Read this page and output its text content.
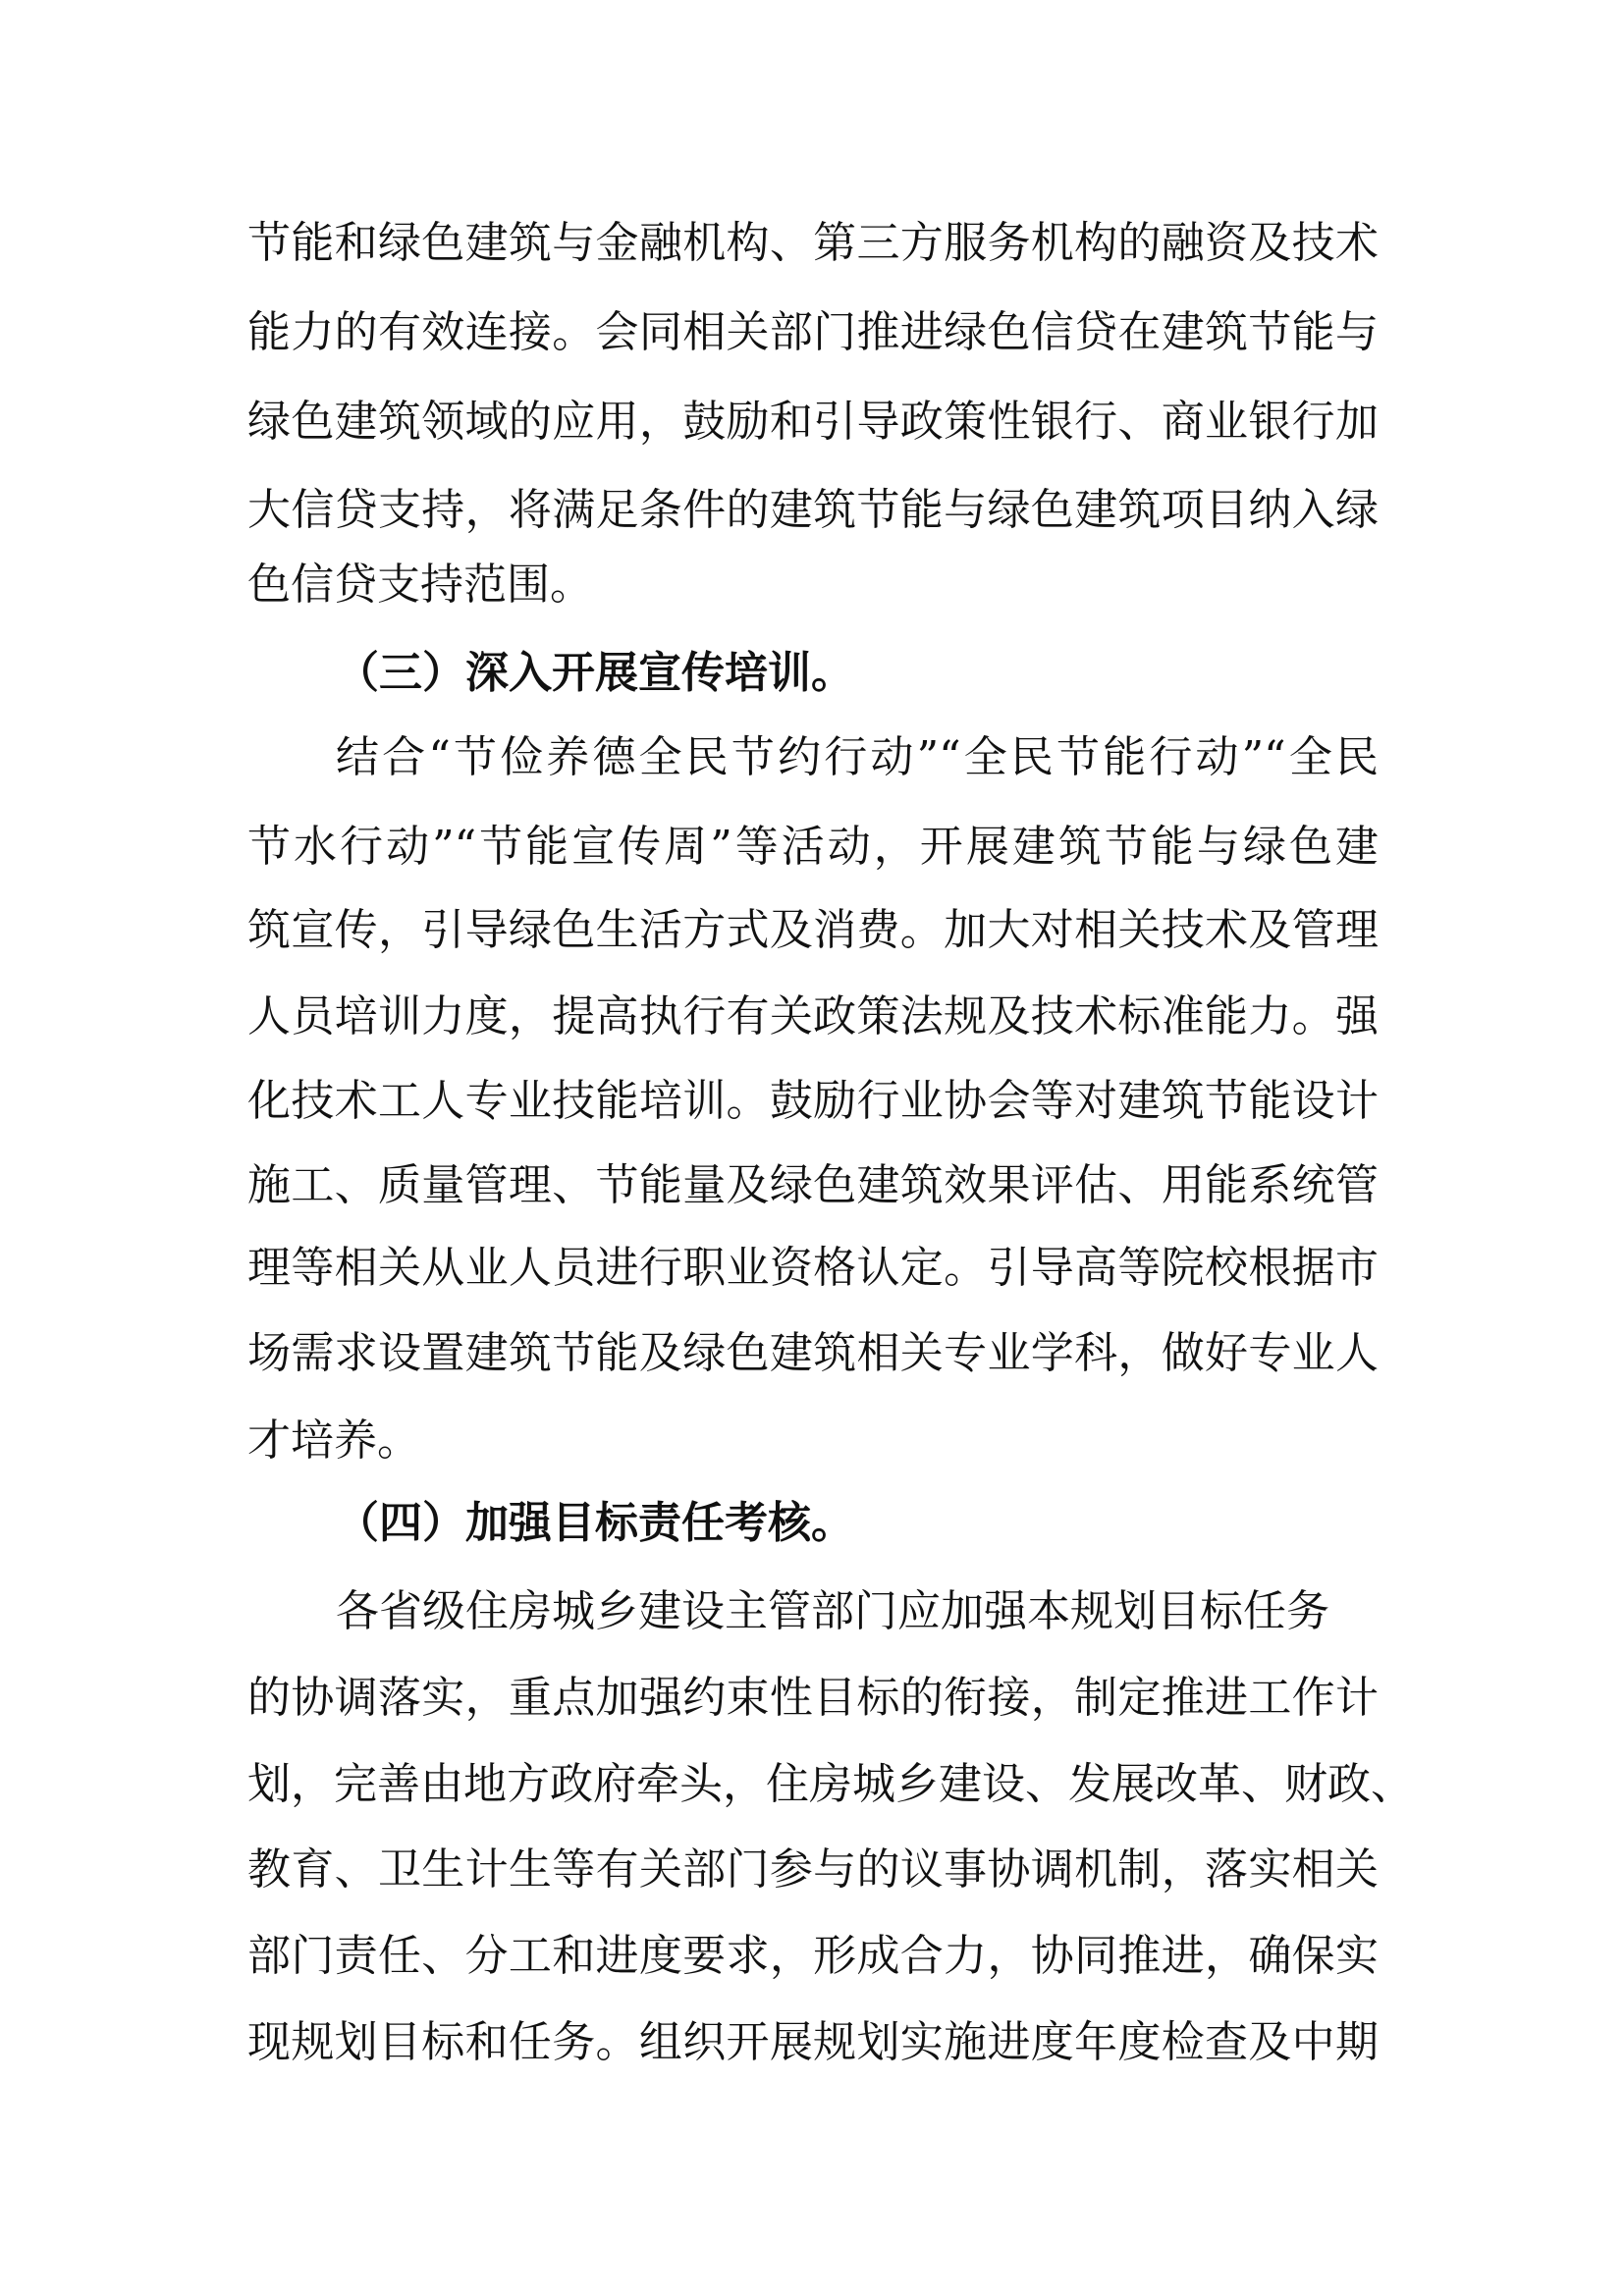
节能和绿色建筑与金融机构、第三方服务机构的融资及技术
能力的有效连接。会同相关部门推进绿色信贷在建筑节能与
绿色建筑领域的应用，鼓励和引导政策性银行、商业银行加
大信贷支持，将满足条件的建筑节能与绿色建筑项目纳入绿
色信贷支持范围。
（三）深入开展宣传培训。
结合“节俭养德全民节约行动”“全民节能行动”“全民
节水行动”“节能宣传周”等活动，开展建筑节能与绿色建
筑宣传，引导绿色生活方式及消费。加大对相关技术及管理
人员培训力度，提高执行有关政策法规及技术标准能力。强
化技术工人专业技能培训。鼓励行业协会等对建筑节能设计
施工、质量管理、节能量及绿色建筑效果评估、用能系统管
理等相关从业人员进行职业资格认定。引导高等院校根据市
场需求设置建筑节能及绿色建筑相关专业学科，做好专业人
才培养。
（四）加强目标责任考核。
各省级住房城乡建设主管部门应加强本规划目标任务
的协调落实，重点加强约束性目标的衔接，制定推进工作计
划，完善由地方政府牵头，住房城乡建设、发展改革、财政、
教育、卫生计生等有关部门参与的议事协调机制，落实相关
部门责任、分工和进度要求，形成合力，协同推进，确保实
现规划目标和任务。组织开展规划实施进度年度检查及中期
